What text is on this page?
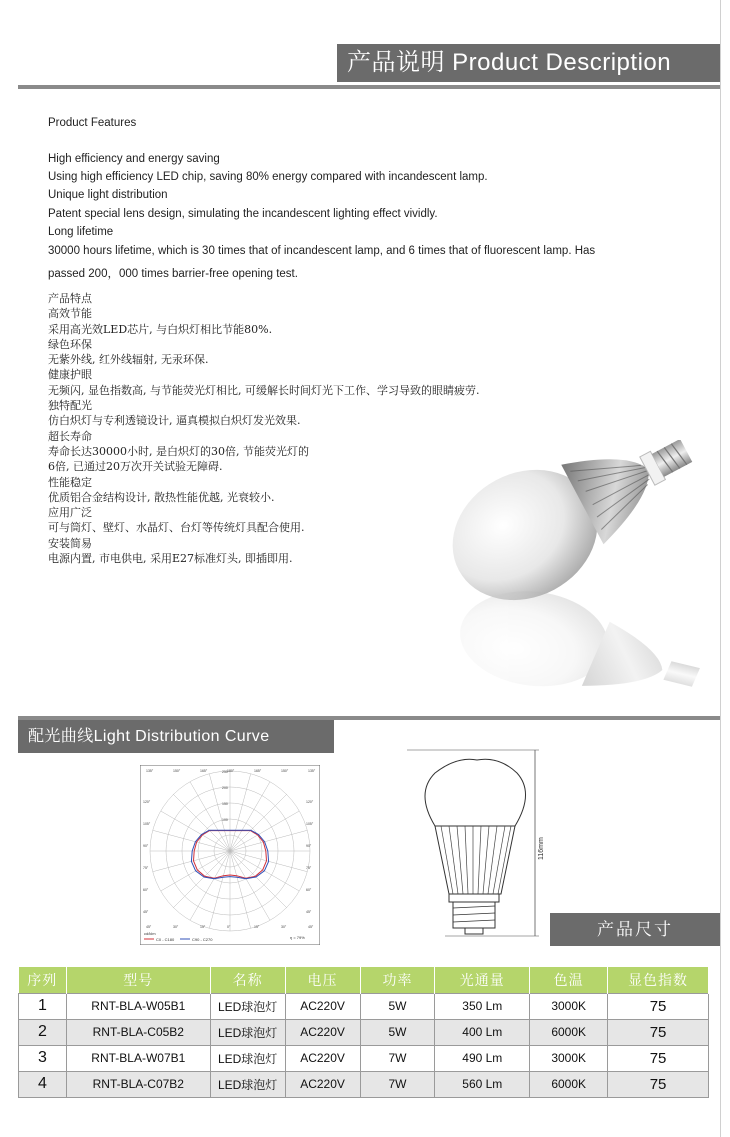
产品说明 Product Description
Product Features
High efficiency and energy saving
Using high efficiency LED chip, saving 80% energy compared with incandescent lamp.
Unique light distribution
Patent special lens design, simulating the incandescent lighting effect vividly.
Long lifetime
30000 hours lifetime, which is 30 times that of incandescent lamp, and 6 times that of fluorescent lamp. Has
passed 200，000 times barrier-free opening test.
产品特点
高效节能
采用高光效LED芯片, 与白炽灯相比节能80%.
绿色环保
无紫外线, 红外线辐射, 无汞环保.
健康护眼
无频闪, 显色指数高, 与节能荧光灯相比, 可缓解长时间灯光下工作、学习导致的眼睛疲劳.
独特配光
仿白炽灯与专利透镜设计, 逼真模拟白炽灯发光效果.
超长寿命
寿命长达30000小时, 是白炽灯的30倍, 节能荧光灯的
6倍, 已通过20万次开关试验无障碍.
性能稳定
优质铝合金结构设计, 散热性能优越, 光衰较小.
应用广泛
可与筒灯、壁灯、水晶灯、台灯等传统灯具配合使用.
安装简易
电源内置, 市电供电, 采用E27标准灯头, 即插即用.
配光曲线Light Distribution Curve
250
200
150
100
135°	150°	165°	180°	165°	150°	135°
45°	30°	15°	0°	15°	30°	45°
120°	120°
105°	105°
90°	90°
75°	75°
60°	60°
45°	45°
C0 - C180	C90 - C270
cd/klm
η = 79%
116mm
产品尺寸
序列	型号	名称	电压	功率	光通量	色温	显色指数
1	RNT-BLA-W05B1	LED球泡灯	AC220V	5W	350 Lm	3000K	75
2	RNT-BLA-C05B2	LED球泡灯	AC220V	5W	400 Lm	6000K	75
3	RNT-BLA-W07B1	LED球泡灯	AC220V	7W	490 Lm	3000K	75
4	RNT-BLA-C07B2	LED球泡灯	AC220V	7W	560 Lm	6000K	75
